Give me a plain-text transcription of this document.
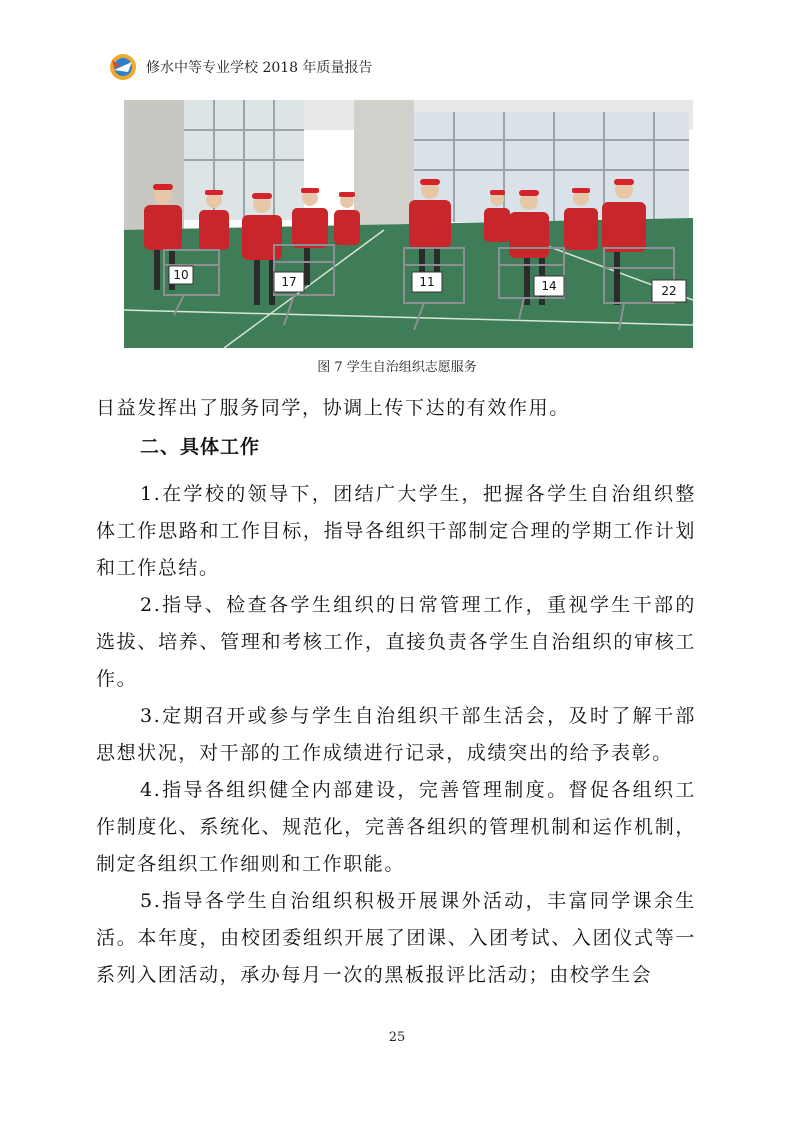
修水中等专业学校 2018 年质量报告
10	17	11	14	22
图 7 学生自治组织志愿服务

日益发挥出了服务同学，协调上传下达的有效作用。

二、具体工作

1.在学校的领导下，团结广大学生，把握各学生自治组织整体工作思路和工作目标，指导各组织干部制定合理的学期工作计划和工作总结。

2.指导、检查各学生组织的日常管理工作，重视学生干部的选拔、培养、管理和考核工作，直接负责各学生自治组织的审核工作。

3.定期召开或参与学生自治组织干部生活会，及时了解干部思想状况，对干部的工作成绩进行记录，成绩突出的给予表彰。

4.指导各组织健全内部建设，完善管理制度。督促各组织工作制度化、系统化、规范化，完善各组织的管理机制和运作机制，制定各组织工作细则和工作职能。

5.指导各学生自治组织积极开展课外活动，丰富同学课余生活。本年度，由校团委组织开展了团课、入团考试、入团仪式等一系列入团活动，承办每月一次的黑板报评比活动；由校学生会

25
